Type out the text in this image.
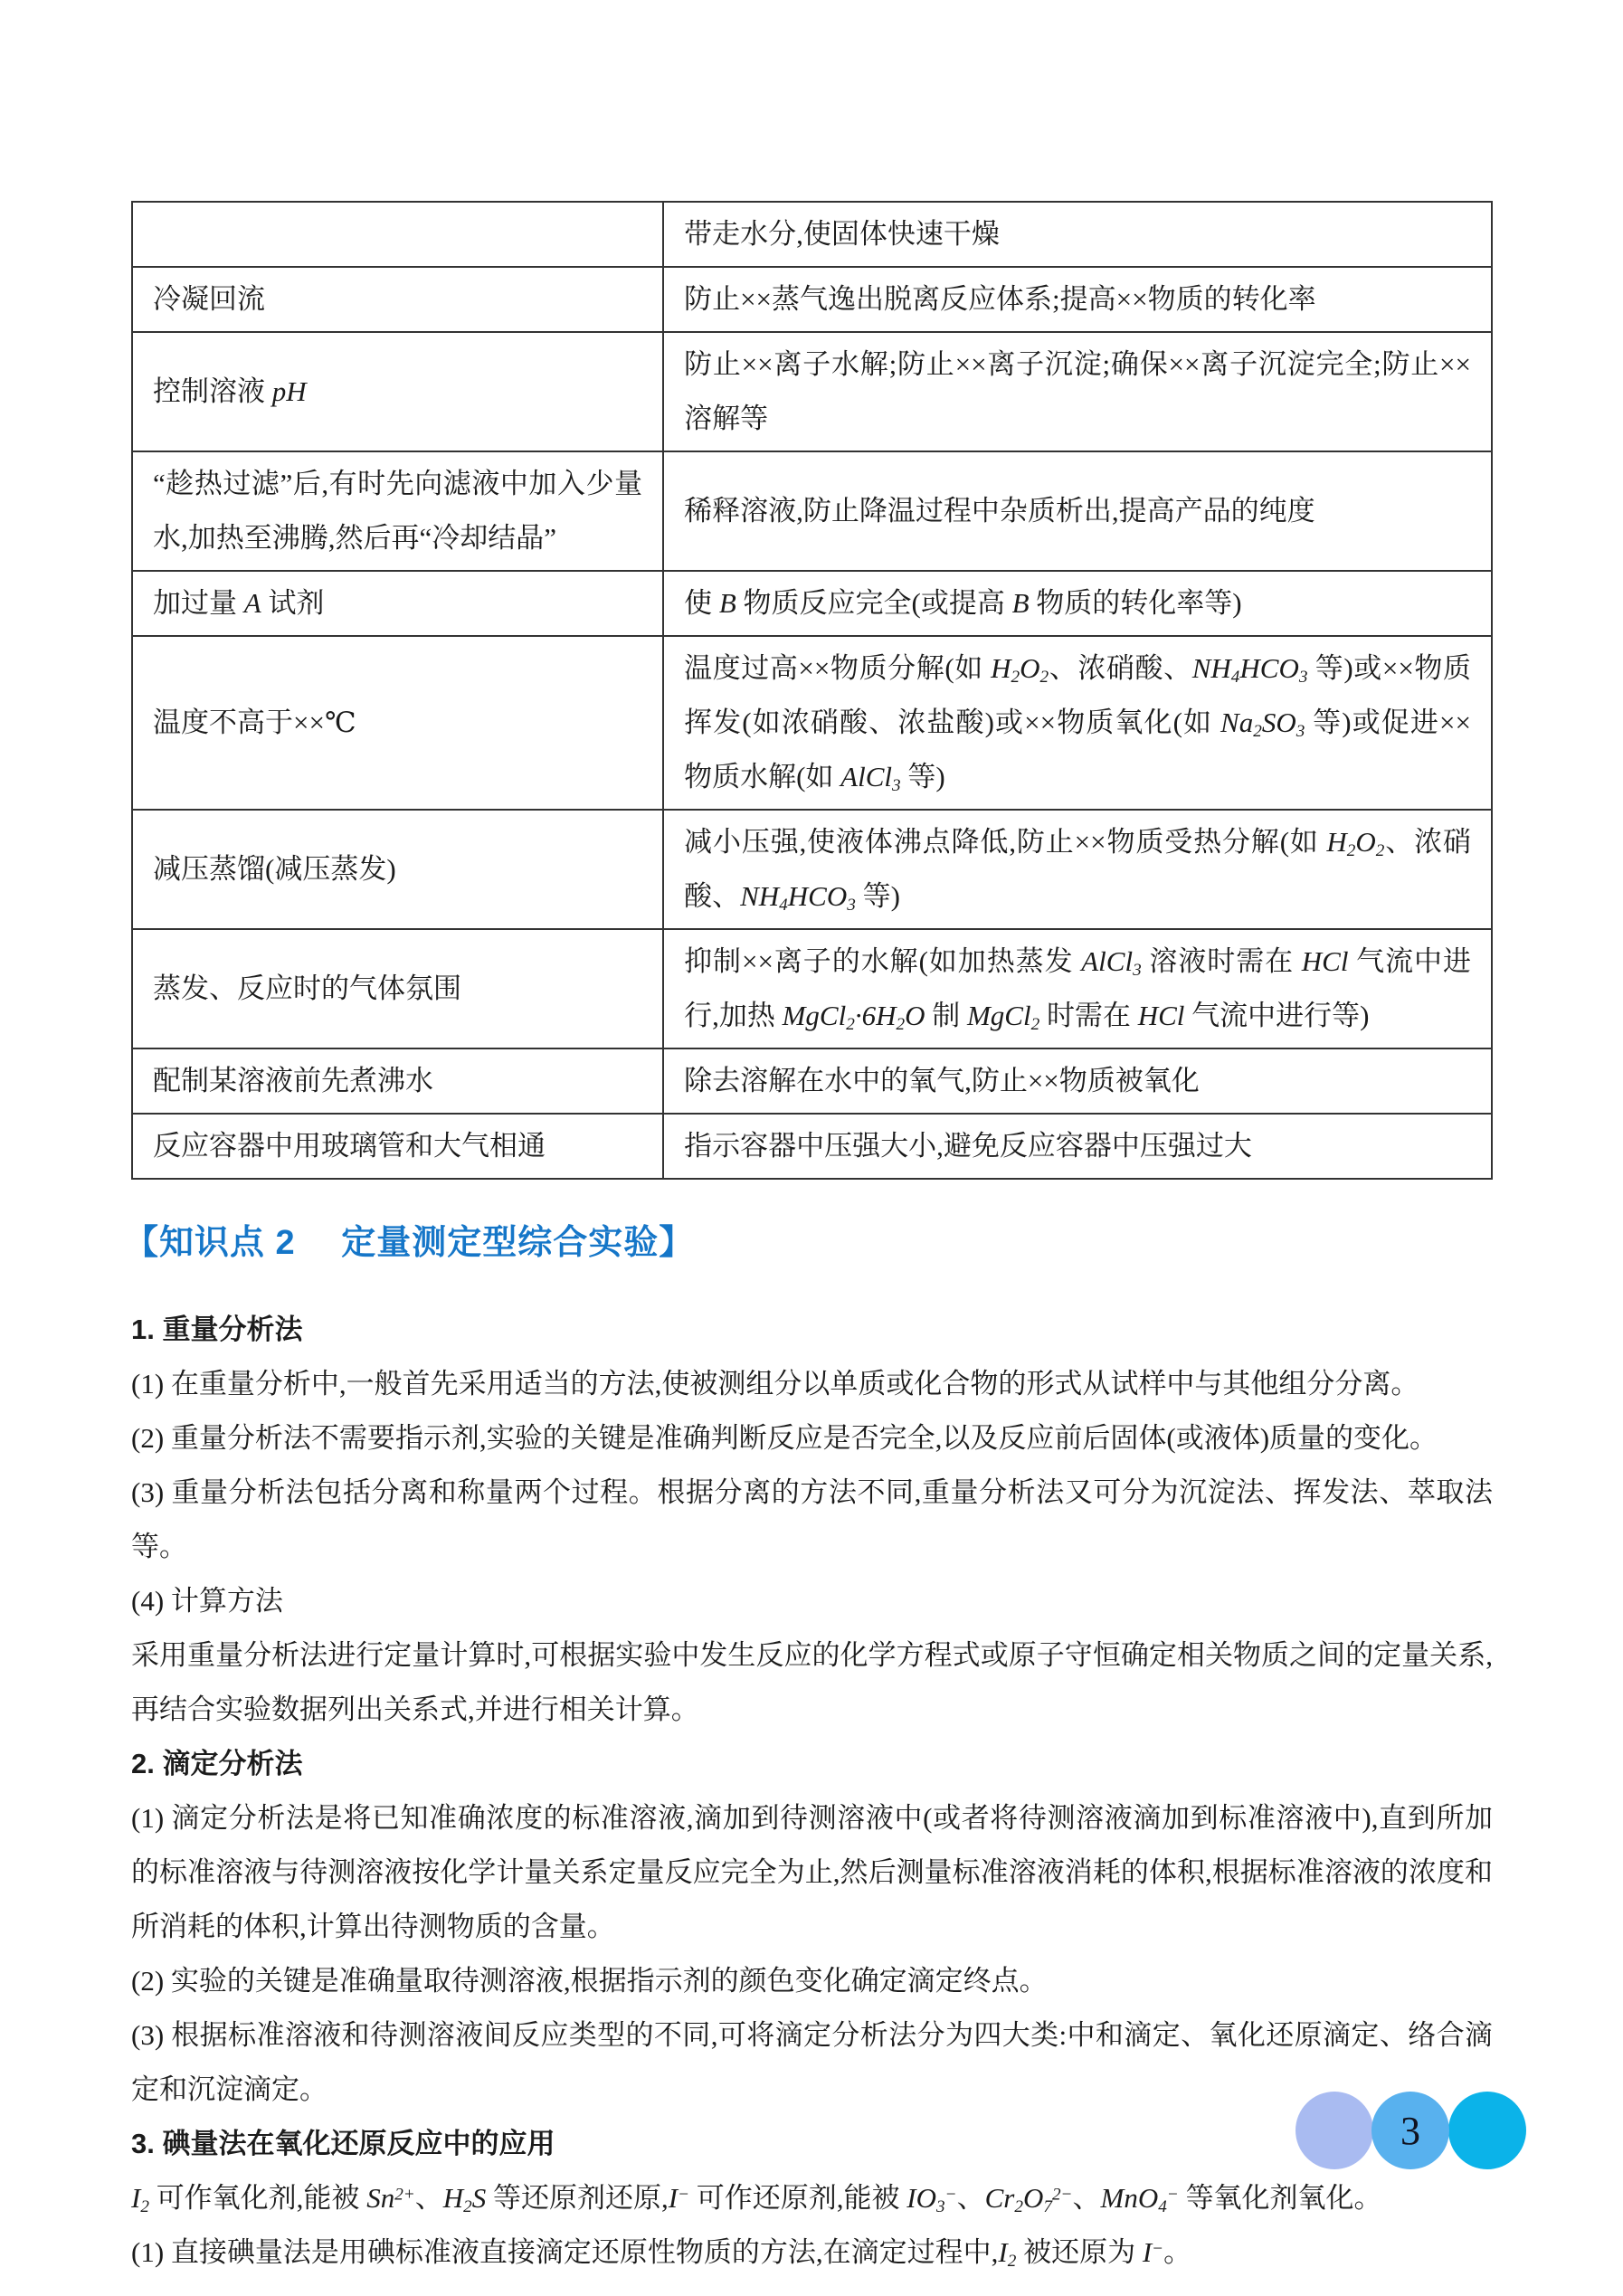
	带走水分,使固体快速干燥
冷凝回流	防止××蒸气逸出脱离反应体系;提高××物质的转化率
控制溶液 pH	防止××离子水解;防止××离子沉淀;确保××离子沉淀完全;防止××溶解等
“趁热过滤”后,有时先向滤液中加入少量水,加热至沸腾,然后再“冷却结晶”	稀释溶液,防止降温过程中杂质析出,提高产品的纯度
加过量 A 试剂	使 B 物质反应完全(或提高 B 物质的转化率等)
温度不高于××℃	温度过高××物质分解(如 $H_2O_2$、浓硝酸、$NH_4HCO_3$ 等)或××物质挥发(如浓硝酸、浓盐酸)或××物质氧化(如 $Na_2SO_3$ 等)或促进××物质水解(如 AlCl$_3$ 等)
减压蒸馏(减压蒸发)	减小压强,使液体沸点降低,防止××物质受热分解(如 $H_2O_2$、浓硝酸、$NH_4HCO_3$ 等)
蒸发、反应时的气体氛围	抑制××离子的水解(如加热蒸发 AlCl$_3$ 溶液时需在 HCl 气流中进行,加热 $MgCl_2\cdot 6H_2O$ 制 MgCl$_2$ 时需在 HCl 气流中进行等)
配制某溶液前先煮沸水	除去溶解在水中的氧气,防止××物质被氧化
反应容器中用玻璃管和大气相通	指示容器中压强大小,避免反应容器中压强过大
【知识点 2　 定量测定型综合实验】

1. 重量分析法

(1) 在重量分析中,一般首先采用适当的方法,使被测组分以单质或化合物的形式从试样中与其他组分分离。

(2) 重量分析法不需要指示剂,实验的关键是准确判断反应是否完全,以及反应前后固体(或液体)质量的变化。

(3) 重量分析法包括分离和称量两个过程。根据分离的方法不同,重量分析法又可分为沉淀法、挥发法、萃取法等。

(4) 计算方法

采用重量分析法进行定量计算时,可根据实验中发生反应的化学方程式或原子守恒确定相关物质之间的定量关系,再结合实验数据列出关系式,并进行相关计算。

2. 滴定分析法

(1) 滴定分析法是将已知准确浓度的标准溶液,滴加到待测溶液中(或者将待测溶液滴加到标准溶液中),直到所加的标准溶液与待测溶液按化学计量关系定量反应完全为止,然后测量标准溶液消耗的体积,根据标准溶液的浓度和所消耗的体积,计算出待测物质的含量。

(2) 实验的关键是准确量取待测溶液,根据指示剂的颜色变化确定滴定终点。

(3) 根据标准溶液和待测溶液间反应类型的不同,可将滴定分析法分为四大类:中和滴定、氧化还原滴定、络合滴定和沉淀滴定。

3. 碘量法在氧化还原反应中的应用

$I_2$ 可作氧化剂,能被 $Sn^{2+}$、$H_2S$ 等还原剂还原,I− 可作还原剂,能被 $IO_3^-$、$Cr_2O_7^{2-}$、MnO$_4$− 等氧化剂氧化。

(1) 直接碘量法是用碘标准液直接滴定还原性物质的方法,在滴定过程中$,I_2$ 被还原为 I−。

3
